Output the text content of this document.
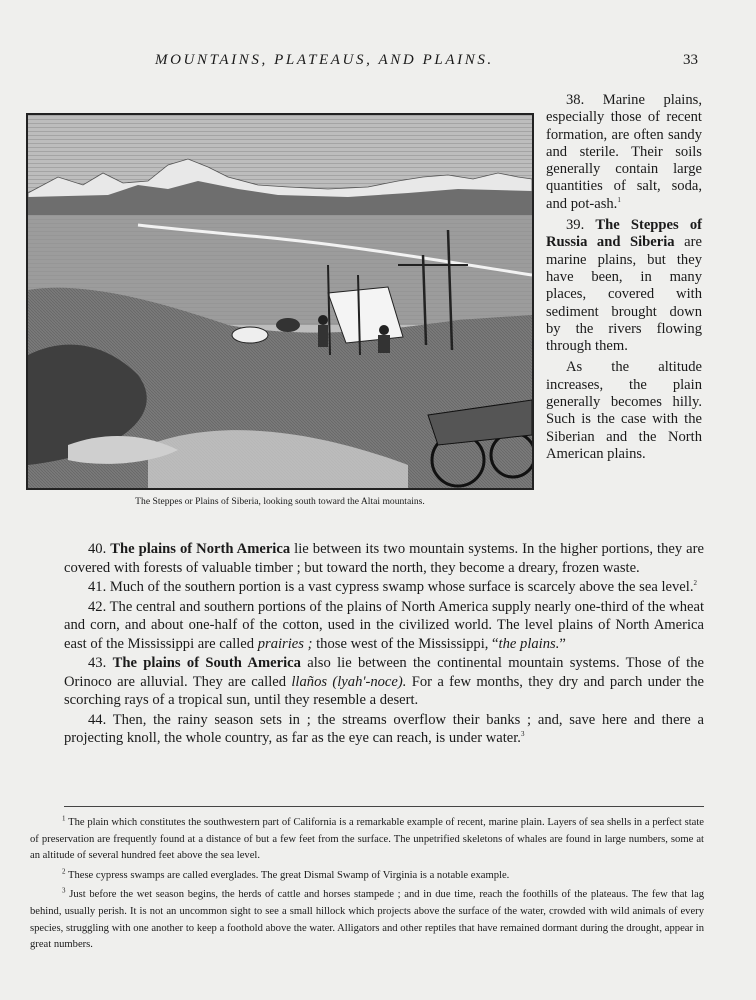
MOUNTAINS, PLATEAUS, AND PLAINS.	33
The Steppes or Plains of Siberia, looking south toward the Altai mountains.

38. Marine plains, especially those of recent formation, are often sandy and sterile. Their soils generally contain large quantities of salt, soda, and pot-ash.$^1$

39. The Steppes of Russia and Siberia are marine plains, but they have been, in many places, covered with sediment brought down by the rivers flowing through them.

As the altitude increases, the plain generally becomes hilly. Such is the case with the Siberian and the North American plains.

40. The plains of North America lie between its two mountain systems. In the higher portions, they are covered with forests of valuable timber ; but toward the north, they become a dreary, frozen waste.

41. Much of the southern portion is a vast cypress swamp whose surface is scarcely above the sea level.$^2$

42. The central and southern portions of the plains of North America supply nearly one-third of the wheat and corn, and about one-half of the cotton, used in the civilized world. The level plains of North America east of the Mississippi are called prairies ; those west of the Mississippi, “the plains.”

43. The plains of South America also lie between the continental mountain systems. Those of the Orinoco are alluvial. They are called llaños (lyah'-noce). For a few months, they dry and parch under the scorching rays of a tropical sun, until they resemble a desert.

44. Then, the rainy season sets in ; the streams overflow their banks ; and, save here and there a projecting knoll, the whole country, as far as the eye can reach, is under water.$^3$

$^1$ The plain which constitutes the southwestern part of California is a remarkable example of recent, marine plain. Layers of sea shells in a perfect state of preservation are frequently found at a distance of but a few feet from the surface. The unpetrified skeletons of whales are found in large numbers, some at an altitude of several hundred feet above the sea level.

$^2$ These cypress swamps are called everglades. The great Dismal Swamp of Virginia is a notable example.

$^3$ Just before the wet season begins, the herds of cattle and horses stampede ; and in due time, reach the foothills of the plateaus. The few that lag behind, usually perish. It is not an uncommon sight to see a small hillock which projects above the surface of the water, crowded with wild animals of every species, struggling with one another to keep a foothold above the water. Alligators and other reptiles that have remained dormant during the drought, appear in great numbers.
